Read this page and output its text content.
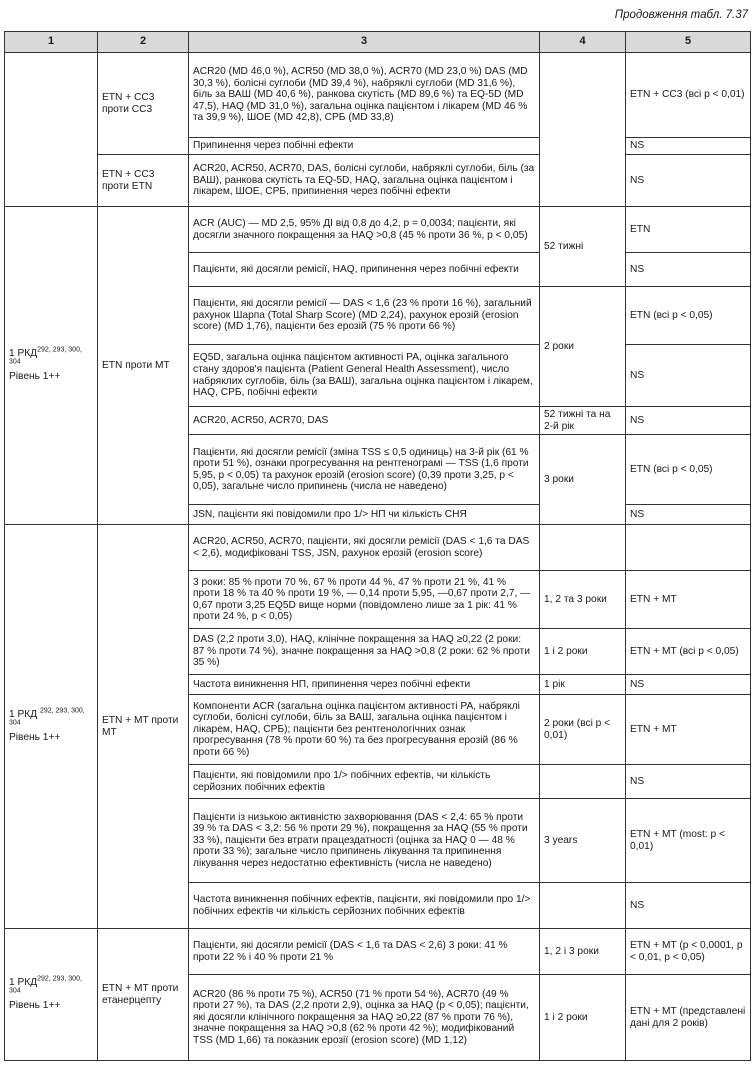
Продовження табл. 7.37
1	2	3	4	5
	ETN + CC3 проти CC3	ACR20 (MD 46,0 %), ACR50 (MD 38,0 %), ACR70 (MD 23,0 %) DAS (MD 30,3 %), болісні суглоби (MD 39,4 %), набряклі суглоби (MD 31,6 %), біль за ВАШ (MD 40,6 %), ранкова скутість (MD 89,6 %) та EQ-5D (MD 47,5), HAQ (MD 31,0 %), загальна оцінка пацієнтом і лікарем (MD 46 % та 39,9 %), ШОЕ (MD 42,8), СРБ (MD 33,8)		ETN + CC3 (всі р < 0,01)
		Припинення через побічні ефекти		NS
	ETN + CC3 проти ETN	ACR20, ACR50, ACR70, DAS, болісні суглоби, набряклі суглоби, біль (за ВАШ), ранкова скутість та EQ-5D, HAQ, загальна оцінка пацієнтом і лікарем, ШОЕ, СРБ, припинення через побічні ефекти		NS
1 РКД$^{292, 293, 300, 304}$
Рівень 1++	ETN проти MT	ACR (AUC) — MD 2,5, 95% ДІ від 0,8 до 4,2, p = 0,0034; пацієнти, які досягли значного покращення за HAQ >0,8 (45 % проти 36 %, p < 0,05)	52 тижні	ETN
		Пацієнти, які досягли ремісії, HAQ, припинення через побічні ефекти		NS
		Пацієнти, які досягли ремісії — DAS < 1,6 (23 % проти 16 %), загальний рахунок Шарпа (Total Sharp Score) (MD 2,24), рахунок ерозій (erosion score) (MD 1,76), пацієнти без ерозій (75 % проти 66 %)	2 роки	ETN (всі р < 0,05)
		EQ5D, загальна оцінка пацієнтом активності РА, оцінка загального стану здоров'я пацієнта (Patient General Health Assessment), число набряклих суглобів, біль (за ВАШ), загальна оцінка пацієнтом і лікарем, HAQ, СРБ, побічні ефекти		NS
		ACR20, ACR50, ACR70, DAS	52 тижні та на 2-й рік	NS
		Пацієнти, які досягли ремісії (зміна TSS ≤ 0,5 одиниць) на 3-й рік (61 % проти 51 %), ознаки прогресування на рентгенограмі — TSS (1,6 проти 5,95, p < 0,05) та рахунок ерозій (erosion score) (0,39 проти 3,25, p < 0,05), загальне число припинень (числа не наведено)	3 роки	ETN (всі р < 0,05)
		JSN, пацієнти які повідомили про 1/> НП чи кількість СНЯ		NS
1 РКД $^{292, 293, 300, 304}$
Рівень 1++	ETN + MT проти MT	ACR20, ACR50, ACR70, пацієнти, які досягли ремісії (DAS < 1,6 та DAS < 2,6), модифіковані TSS, JSN, рахунок ерозій (erosion score)		
		3 роки: 85 % проти 70 %, 67 % проти 44 %, 47 % проти 21 %, 41 % проти 18 % та 40 % проти 19 %, — 0,14 проти 5,95, —0,67 проти 2,7, —0,67 проти 3,25 EQ5D вище норми (повідомлено лише за 1 рік: 41 % проти 24 %, p < 0,05)	1, 2 та 3 роки	ETN + MT
		DAS (2,2 проти 3,0), HAQ, клінічне покращення за HAQ ≥0,22 (2 роки: 87 % проти 74 %), значне покращення за HAQ >0,8 (2 роки: 62 % проти 35 %)	1 і 2 роки	ETN + MT (всі р < 0,05)
		Частота виникнення НП, припинення через побічні ефекти	1 рік	NS
		Компоненти ACR (загальна оцінка пацієнтом активності РА, набряклі суглоби, болісні суглоби, біль за ВАШ, загальна оцінка пацієнтом і лікарем, HAQ, СРБ); пацієнти без рентгенологічних ознак прогресування (78 % проти 60 %) та без прогресування ерозій (86 % проти 66 %)	2 роки (всі р < 0,01)	ETN + MT
		Пацієнти, які повідомили про 1/> побічних ефектів, чи кількість серйозних побічних ефектів		NS
		Пацієнти із низькою активністю захворювання (DAS < 2,4: 65 % проти 39 % та DAS < 3,2: 56 % проти 29 %), покращення за HAQ (55 % проти 33 %), пацієнти без втрати працездатності (оцінка за HAQ 0 — 48 % проти 33 %); загальне число припинень лікування та припинення лікування через недостатню ефективність (числа не наведено)	3 years	ETN + MT (most: p < 0,01)
		Частота виникнення побічних ефектів, пацієнти, які повідомили про 1/> побічних ефектів чи кількість серйозних побічних ефектів		NS
1 РКД$^{292, 293, 300, 304}$
Рівень 1++	ETN + MT проти етанерцепту	Пацієнти, які досягли ремісії (DAS < 1,6 та DAS < 2,6) 3 роки: 41 % проти 22 % і 40 % проти 21 %	1, 2 і 3 роки	ETN + MT (р < 0,0001, р < 0,01, р < 0,05)
		ACR20 (86 % проти 75 %), ACR50 (71 % проти 54 %), ACR70 (49 % проти 27 %), та DAS (2,2 проти 2,9), оцінка за HAQ (р < 0,05); пацієнти, які досягли клінічного покращення за HAQ ≥0,22 (87 % проти 76 %), значне покращення за HAQ >0,8 (62 % проти 42 %); модифікований TSS (MD 1,66) та показник ерозії (erosion score) (MD 1,12)	1 і 2 роки	ETN + MT (представлені дані для 2 років)
